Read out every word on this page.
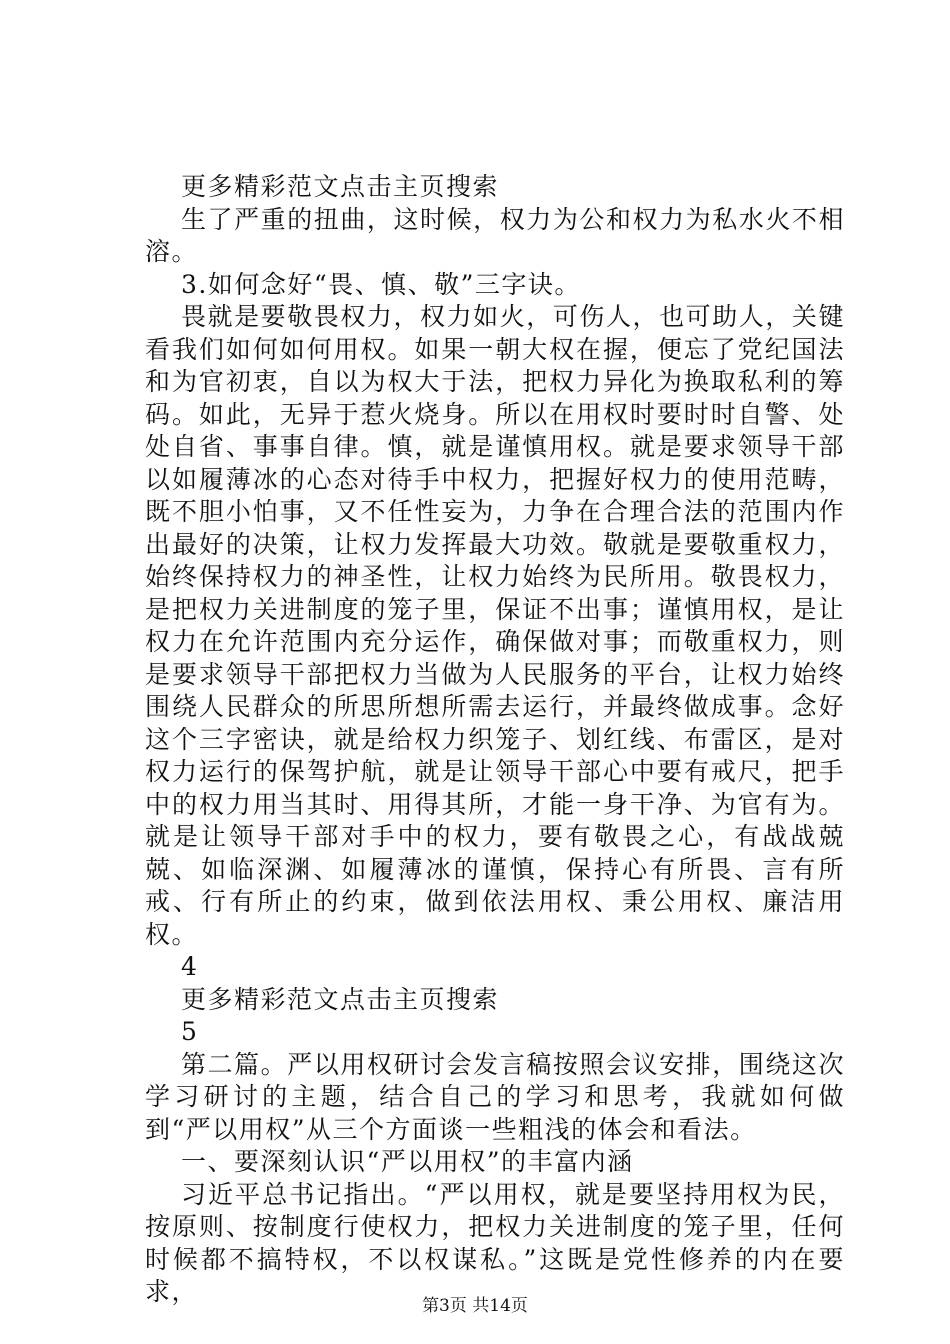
更多精彩范文点击主页搜索

生了严重的扭曲，这时候，权力为公和权力为私水火不相溶。

3.如何念好“畏、慎、敬”三字诀。

畏就是要敬畏权力，权力如火，可伤人，也可助人，关键看我们如何如何用权。如果一朝大权在握，便忘了党纪国法和为官初衷，自以为权大于法，把权力异化为换取私利的筹码。如此，无异于惹火烧身。所以在用权时要时时自警、处处自省、事事自律。慎，就是谨慎用权。就是要求领导干部以如履薄冰的心态对待手中权力，把握好权力的使用范畴，既不胆小怕事，又不任性妄为，力争在合理合法的范围内作出最好的决策，让权力发挥最大功效。敬就是要敬重权力，始终保持权力的神圣性，让权力始终为民所用。敬畏权力，是把权力关进制度的笼子里，保证不出事；谨慎用权，是让权力在允许范围内充分运作，确保做对事；而敬重权力，则是要求领导干部把权力当做为人民服务的平台，让权力始终围绕人民群众的所思所想所需去运行，并最终做成事。念好这个三字密诀，就是给权力织笼子、划红线、布雷区，是对权力运行的保驾护航，就是让领导干部心中要有戒尺，把手中的权力用当其时、用得其所，才能一身干净、为官有为。就是让领导干部对手中的权力，要有敬畏之心，有战战兢兢、如临深渊、如履薄冰的谨慎，保持心有所畏、言有所戒、行有所止的约束，做到依法用权、秉公用权、廉洁用权。

4

更多精彩范文点击主页搜索

5

第二篇。严以用权研讨会发言稿按照会议安排，围绕这次学习研讨的主题，结合自己的学习和思考，我就如何做到“严以用权”从三个方面谈一些粗浅的体会和看法。

一、要深刻认识“严以用权”的丰富内涵

习近平总书记指出。“严以用权，就是要坚持用权为民，按原则、按制度行使权力，把权力关进制度的笼子里，任何时候都不搞特权，不以权谋私。”这既是党性修养的内在要求，	第3页 共14页
